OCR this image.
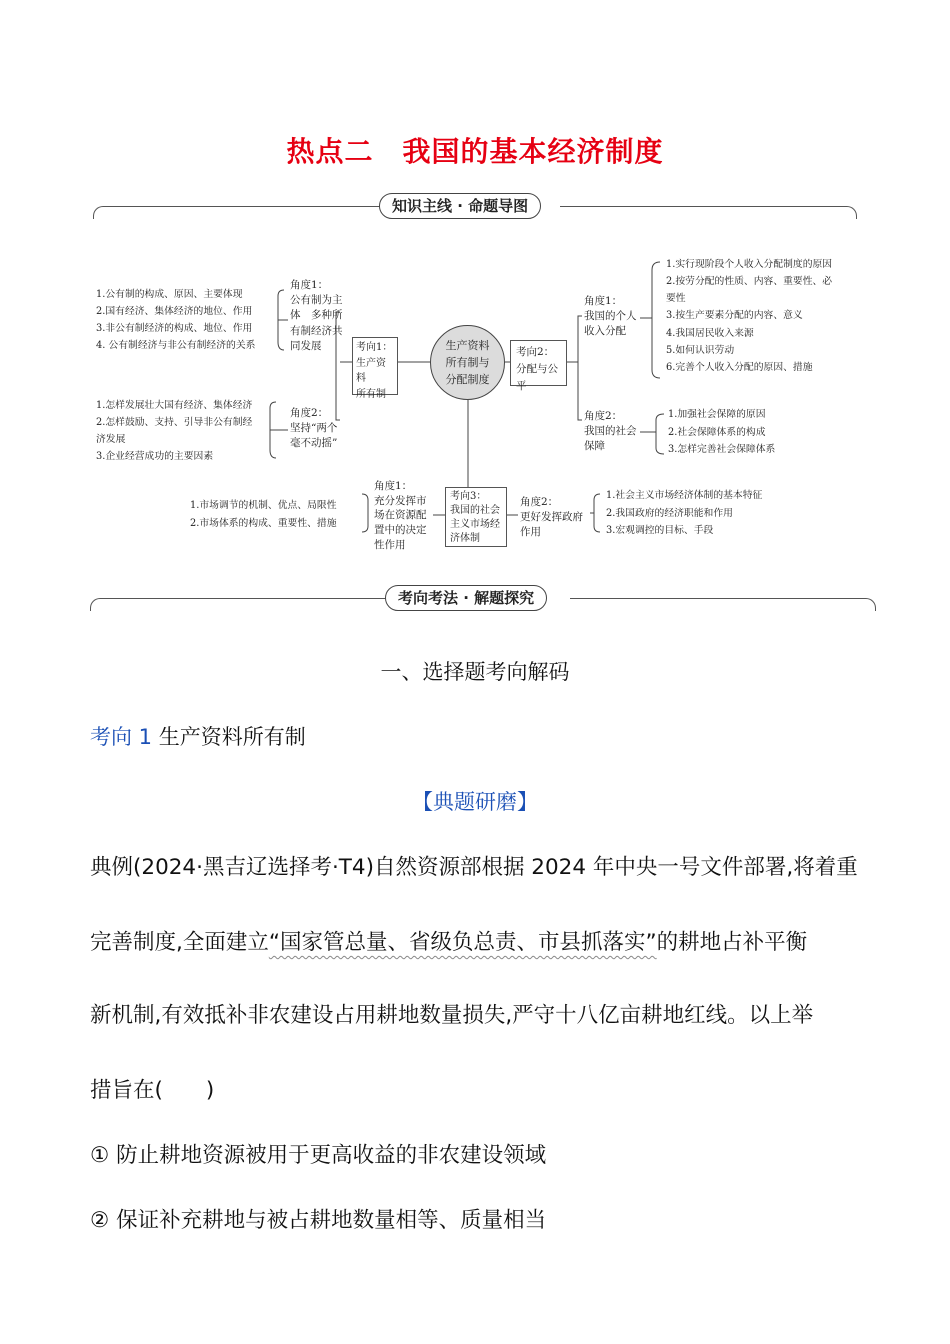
热点二　我国的基本经济制度
知识主线 · 命题导图
生产资料
所有制与
分配制度
考向1：
生产资料
所有制
考向2：
分配与公平
考向3：
我国的社会
主义市场经
济体制
角度1：
公有制为主
体　多种所
有制经济共
同发展
角度2：
坚持“两个
毫不动摇”
1.公有制的构成、原因、主要体现
2.国有经济、集体经济的地位、作用
3.非公有制经济的构成、地位、作用
4. 公有制经济与非公有制经济的关系
1.怎样发展壮大国有经济、集体经济
2.怎样鼓励、支持、引导非公有制经
济发展
3.企业经营成功的主要因素
角度1：
我国的个人
收入分配
角度2：
我国的社会
保障
1.实行现阶段个人收入分配制度的原因
2.按劳分配的性质、内容、重要性、必
要性
3.按生产要素分配的内容、意义
4.我国居民收入来源
5.如何认识劳动
6.完善个人收入分配的原因、措施
1.加强社会保障的原因
2.社会保障体系的构成
3.怎样完善社会保障体系
角度1：
充分发挥市
场在资源配
置中的决定
性作用
角度2：
更好发挥政府
作用
1.市场调节的机制、优点、局限性
2.市场体系的构成、重要性、措施
1.社会主义市场经济体制的基本特征
2.我国政府的经济职能和作用
3.宏观调控的目标、手段
考向考法 · 解题探究
一、选择题考向解码
考向 1 生产资料所有制
【典题研磨】
典例(2024·黑吉辽选择考·T4)自然资源部根据 2024 年中央一号文件部署,将着重
完善制度,全面建立“国家管总量、省级负总责、市县抓落实”的耕地占补平衡
新机制,有效抵补非农建设占用耕地数量损失,严守十八亿亩耕地红线。以上举
措旨在(　　)
① 防止耕地资源被用于更高收益的非农建设领域
② 保证补充耕地与被占耕地数量相等、质量相当
